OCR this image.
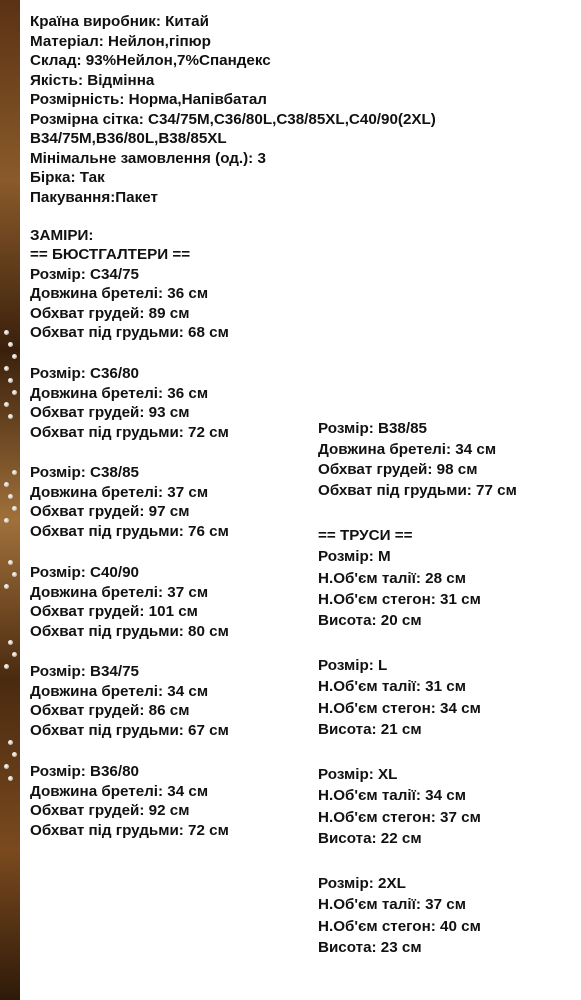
Країна виробник: Китай
Матеріал: Нейлон,гіпюр
Склад: 93%Нейлон,7%Спандекс
Якість: Відмінна
Розмірність: Норма,Напівбатал
Розмірна сітка: С34/75M,С36/80L,С38/85XL,С40/90(2XL)
В34/75M,В36/80L,В38/85XL
Мінімальне замовлення (од.): 3
Бірка: Так
Пакування:Пакет
ЗАМІРИ:
== БЮСТГАЛТЕРИ ==
Розмір: С34/75
Довжина бретелі: 36 см
Обхват грудей: 89 см
Обхват під грудьми: 68 см
Розмір: С36/80
Довжина бретелі: 36 см
Обхват грудей: 93 см
Обхват під грудьми: 72 см
Розмір: С38/85
Довжина бретелі: 37 см
Обхват грудей: 97 см
Обхват під грудьми: 76 см
Розмір: С40/90
Довжина бретелі: 37 см
Обхват грудей: 101 см
Обхват під грудьми: 80 см
Розмір: В34/75
Довжина бретелі: 34 см
Обхват грудей: 86 см
Обхват під грудьми: 67 см
Розмір: В36/80
Довжина бретелі: 34 см
Обхват грудей: 92 см
Обхват під грудьми: 72 см
Розмір: В38/85
Довжина бретелі: 34 см
Обхват грудей: 98 см
Обхват під грудьми: 77 см
== ТРУСИ ==
Розмір: M
Н.Об'єм талії: 28 см
Н.Об'єм стегон: 31 см
Висота: 20 см
Розмір: L
Н.Об'єм талії: 31 см
Н.Об'єм стегон: 34 см
Висота: 21 см
Розмір: XL
Н.Об'єм талії: 34 см
Н.Об'єм стегон: 37 см
Висота: 22 см
Розмір: 2XL
Н.Об'єм талії: 37 см
Н.Об'єм стегон: 40 см
Висота: 23 см
